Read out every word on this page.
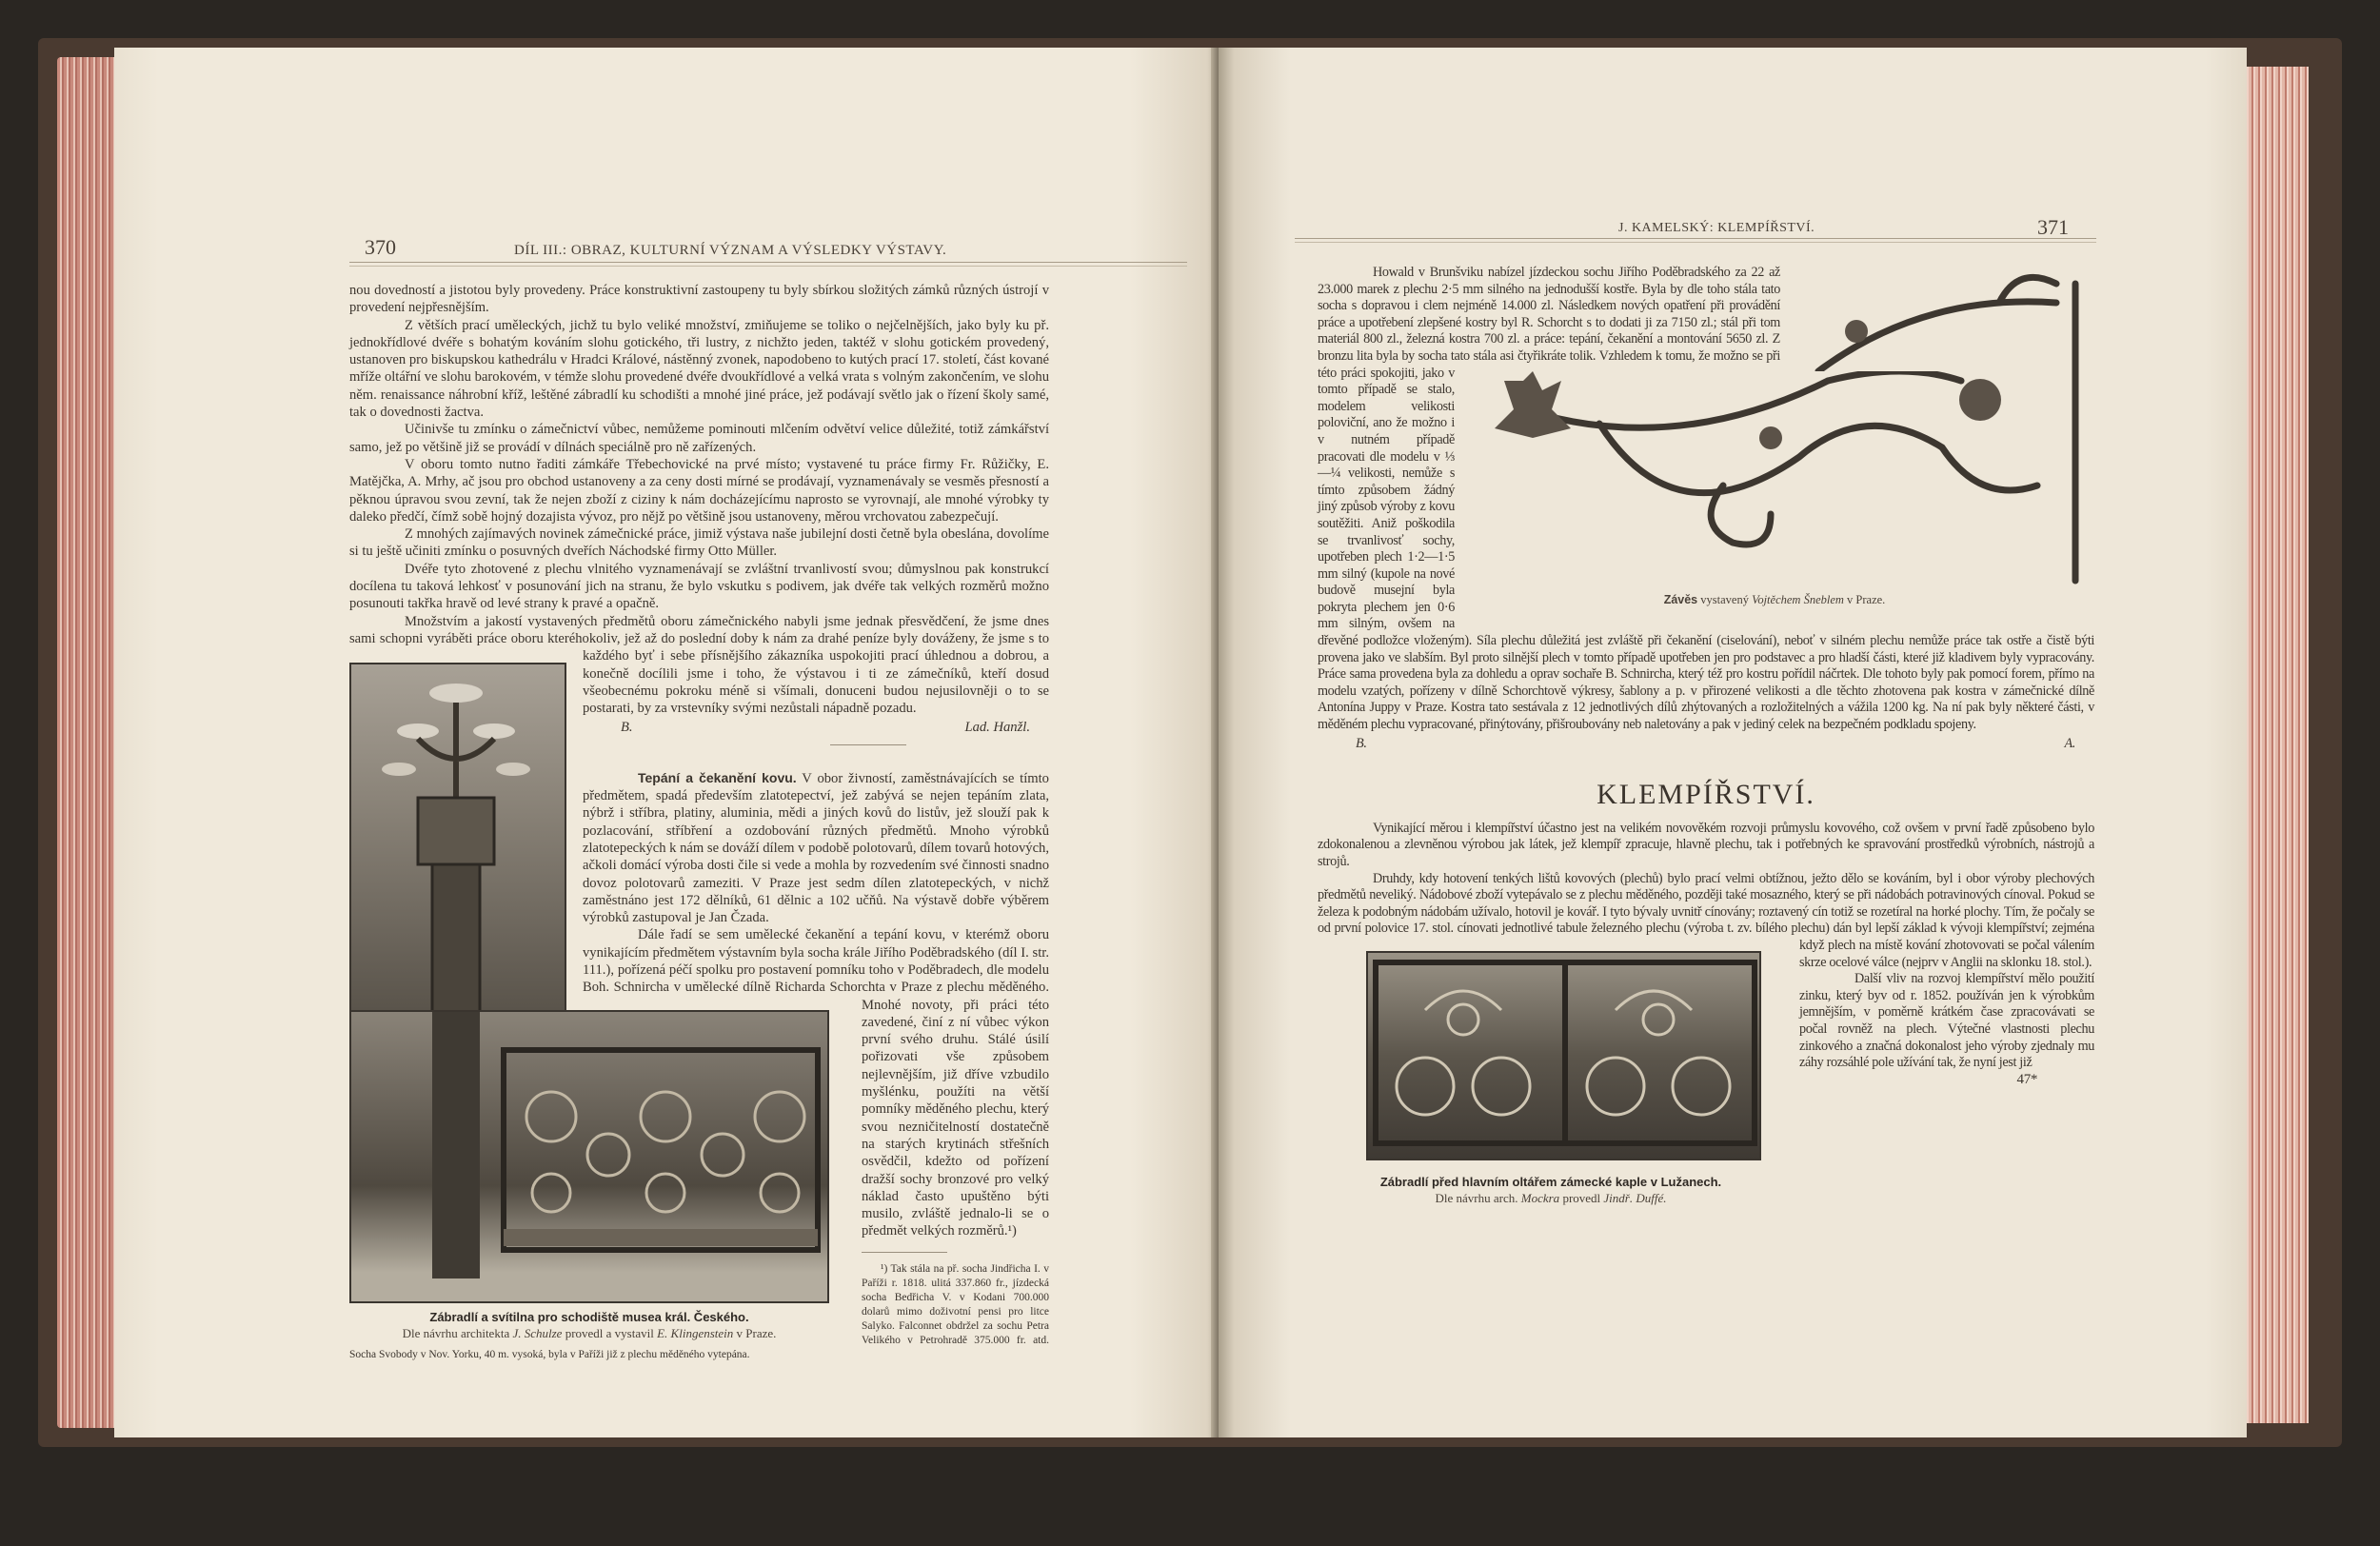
370	DÍL III.: OBRAZ, KULTURNÍ VÝZNAM A VÝSLEDKY VÝSTAVY.
Zábradlí a svítilna pro schodiště musea král. Českého.
Dle návrhu architekta J. Schulze provedl a vystavil E. Klingenstein v Praze.

nou dovedností a jistotou byly provedeny. Práce konstruktivní zastoupeny tu byly sbírkou složitých zámků různých ústrojí v provedení nejpřesnějším.

Z větších prací uměleckých, jichž tu bylo veliké množství, zmiňujeme se toliko o nejčelnějších, jako byly ku př. jednokřídlové dvéře s bohatým kováním slohu gotického, tři lustry, z nichžto jeden, taktéž v slohu gotickém provedený, ustanoven pro biskupskou kathedrálu v Hradci Králové, nástěnný zvonek, napodobeno to kutých prací 17. století, část kované mříže oltářní ve slohu barokovém, v témže slohu provedené dvéře dvoukřídlové a velká vrata s volným zakončením, ve slohu něm. renaissance náhrobní kříž, leštěné zábradlí ku schodišti a mnohé jiné práce, jež podávají světlo jak o řízení školy samé, tak o dovednosti žactva.

Učinivše tu zmínku o zámečnictví vůbec, nemůžeme pominouti mlčením odvětví velice důležité, totiž zámkářství samo, jež po většině již se provádí v dílnách speciálně pro ně zařízených.

V oboru tomto nutno řaditi zámkáře Třebechovické na prvé místo; vystavené tu práce firmy Fr. Růžičky, E. Matějčka, A. Mrhy, ač jsou pro obchod ustanoveny a za ceny dosti mírné se prodávají, vyznamenávaly se vesměs přesností a pěknou úpravou svou zevní, tak že nejen zboží z ciziny k nám docházejícímu naprosto se vyrovnají, ale mnohé výrobky ty daleko předčí, čímž sobě hojný dozajista vývoz, pro nějž po většině jsou ustanoveny, měrou vrchovatou zabezpečují.

Z mnohých zajímavých novinek zámečnické práce, jimiž výstava naše jubilejní dosti četně byla obeslána, dovolíme si tu ještě učiniti zmínku o posuvných dveřích Náchodské firmy Otto Müller.

Dvéře tyto zhotovené z plechu vlnitého vyznamenávají se zvláštní trvanlivostí svou; důmyslnou pak konstrukcí docílena tu taková lehkosť v posunování jich na stranu, že bylo vskutku s podivem, jak dvéře tak velkých rozměrů možno posunouti takřka hravě od levé strany k pravé a opačně.

Množstvím a jakostí vystavených předmětů oboru zámečnického nabyli jsme jednak přesvědčení, že jsme dnes sami schopni vyráběti práce oboru kteréhokoliv, jež až do poslední doby k nám za drahé peníze byly dováženy, že jsme s to každého byť i sebe přísnějšího zákazníka uspokojiti prací úhlednou a dobrou, a konečně docílili jsme i toho, že výstavou i ti ze zámečníků, kteří dosud všeobecnému pokroku méně si všímali, donuceni budou nejusilovněji o to se postarati, by za vrstevníky svými nezůstali nápadně pozadu.

B.	Lad. Hanžl.

Tepání a čekanění kovu. V obor živností, zaměstnávajících se tímto předmětem, spadá především zlatotepectví, jež zabývá se nejen tepáním zlata, nýbrž i stříbra, platiny, aluminia, mědi a jiných kovů do listův, jež slouží pak k pozlacování, stříbření a ozdobování různých předmětů. Mnoho výrobků zlatotepeckých k nám se dováží dílem v podobě polotovarů, dílem tovarů hotových, ačkoli domácí výroba dosti čile si vede a mohla by rozvedením své činnosti snadno dovoz polotovarů zameziti. V Praze jest sedm dílen zlatotepeckých, v nichž zaměstnáno jest 172 dělníků, 61 dělnic a 102 učňů. Na výstavě dobře výběrem výrobků zastupoval je Jan Čzada.

Dále řadí se sem umělecké čekanění a tepání kovu, v kterémž oboru vynikajícím předmětem výstavním byla socha krále Jiřího Poděbradského (díl I. str. 111.), pořízená péčí spolku pro postavení pomníku toho v Poděbradech, dle modelu Boh. Schnircha v umělecké dílně Richarda Schorchta v Praze z plechu měděného. Mnohé novoty, při práci této zavedené, činí z ní vůbec výkon první svého druhu. Stálé úsilí pořizovati vše způsobem nejlevnějším, již dříve vzbudilo myšlénku, použíti na větší pomníky měděného plechu, který svou nezničitelností dostatečně na starých krytinách střešních osvědčil, kdežto od pořízení dražší sochy bronzové pro velký náklad často upuštěno býti musilo, zvláště jednalo-li se o předmět velkých rozměrů.¹)

¹) Tak stála na př. socha Jindřicha I. v Paříži r. 1818. ulitá 337.860 fr., jízdecká socha Bedřicha V. v Kodani 700.000 dolarů mimo doživotní pensi pro litce Salyko. Falconnet obdržel za sochu Petra Velikého v Petrohradě 375.000 fr. atd. Socha Svobody v Nov. Yorku, 40 m. vysoká, byla v Paříži již z plechu měděného vytepána.
J. KAMELSKÝ: KLEMPÍŘSTVÍ.	371
Závěs vystavený Vojtěchem Šneblem v Praze.

Howald v Brunšviku nabízel jízdeckou sochu Jiřího Poděbradského za 22 až 23.000 marek z plechu 2·5 mm silného na jednodušší kostře. Byla by dle toho stála tato socha s dopravou i clem nejméně 14.000 zl. Následkem nových opatření při provádění práce a upotřebení zlepšené kostry byl R. Schorcht s to dodati ji za 7150 zl.; stál při tom materiál 800 zl., železná kostra 700 zl. a práce: tepání, čekanění a montování 5650 zl. Z bronzu lita byla by socha tato stála asi čtyřikráte tolik. Vzhledem k tomu, že možno se při této práci spokojiti, jako v tomto případě se stalo, modelem velikosti poloviční, ano že možno i v nutném případě pracovati dle modelu v ⅓—¼ velikosti, nemůže s tímto způsobem žádný jiný způsob výroby z kovu soutěžiti. Aniž poškodila se trvanlivosť sochy, upotřeben plech 1·2—1·5 mm silný (kupole na nové budově musejní byla pokryta plechem jen 0·6 mm silným, ovšem na dřevěné podložce vloženým). Síla plechu důležitá jest zvláště při čekanění (ciselování), neboť v silném plechu nemůže práce tak ostře a čistě býti provena jako ve slabším. Byl proto silnější plech v tomto případě upotřeben jen pro podstavec a pro hladší části, které již kladivem byly vypracovány. Práce sama provedena byla za dohledu a oprav sochaře B. Schnircha, který též pro kostru pořídil náčrtek. Dle tohoto byly pak pomocí forem, přímo na modelu vzatých, pořízeny v dílně Schorchtově výkresy, šablony a p. v přirozené velikosti a dle těchto zhotovena pak kostra v zámečnické dílně Antonína Juppy v Praze. Kostra tato sestávala z 12 jednotlivých dílů zhýtovaných a rozložitelných a vážila 1200 kg. Na ní pak byly některé části, v měděném plechu vypracované, přinýtovány, přišroubovány neb naletovány a pak v jediný celek na bezpečném podkladu spojeny.

B.	A.
KLEMPÍŘSTVÍ.
Zábradlí před hlavním oltářem zámecké kaple v Lužanech.
Dle návrhu arch. Mockra provedl Jindř. Duffé.

Vynikající měrou i klempířství účastno jest na velikém novověkém rozvoji průmyslu kovového, což ovšem v první řadě způsobeno bylo zdokonalenou a zlevněnou výrobou jak látek, jež klempíř zpracuje, hlavně plechu, tak i potřebných ke spravování prostředků výrobních, nástrojů a strojů.

Druhdy, kdy hotovení tenkých lištů kovových (plechů) bylo prací velmi obtížnou, ježto dělo se kováním, byl i obor výroby plechových předmětů neveliký. Nádobové zboží vytepávalo se z plechu měděného, později také mosazného, který se při nádobách potravinových cínoval. Pokud se železa k podobným nádobám užívalo, hotovil je kovář. I tyto bývaly uvnitř cínovány; roztavený cín totiž se rozetíral na horké plochy. Tím, že počaly se od první polovice 17. stol. cínovati jednotlivé tabule železného plechu (výroba t. zv. bílého plechu) dán byl lepší základ k vývoji klempířství; zejména když plech na místě kování zhotovovati se počal válením skrze ocelové válce (nejprv v Anglii na sklonku 18. stol.).

Další vliv na rozvoj klempířství mělo použití zinku, který byv od r. 1852. používán jen k výrobkům jemnějším, v poměrně krátkém čase zpracovávati se počal rovněž na plech. Výtečné vlastnosti plechu zinkového a značná dokonalost jeho výroby zjednaly mu záhy rozsáhlé pole užívání tak, že nyní jest již

47*
